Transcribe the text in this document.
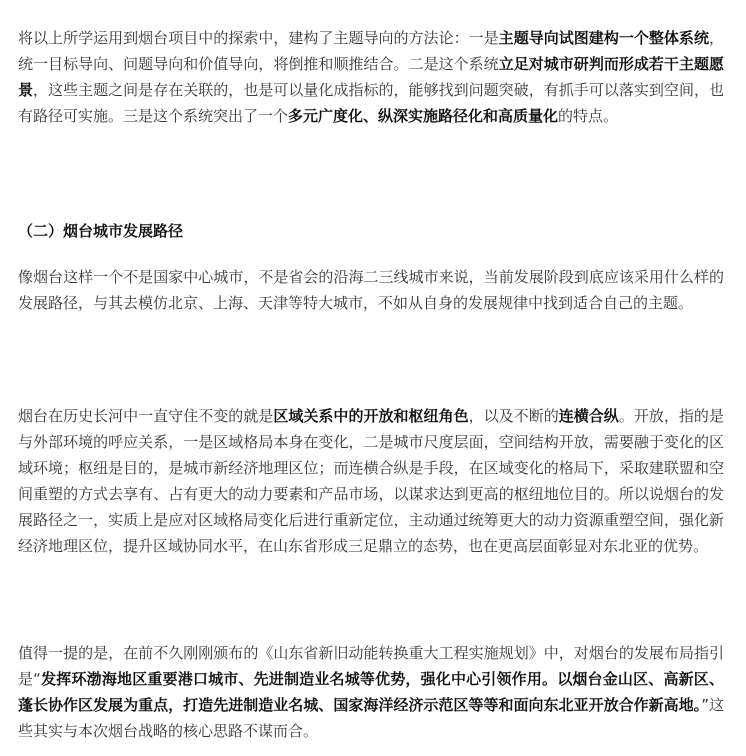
将以上所学运用到烟台项目中的探索中，建构了主题导向的方法论：一是主题导向试图建构一个整体系统，统一目标导向、问题导向和价值导向，将倒推和顺推结合。二是这个系统立足对城市研判而形成若干主题愿景，这些主题之间是存在关联的，也是可以量化成指标的，能够找到问题突破，有抓手可以落实到空间，也有路径可实施。三是这个系统突出了一个多元广度化、纵深实施路径化和高质量化的特点。

（二）烟台城市发展路径

像烟台这样一个不是国家中心城市，不是省会的沿海二三线城市来说，当前发展阶段到底应该采用什么样的发展路径，与其去模仿北京、上海、天津等特大城市，不如从自身的发展规律中找到适合自己的主题。

烟台在历史长河中一直守住不变的就是区域关系中的开放和枢纽角色，以及不断的连横合纵。开放，指的是与外部环境的呼应关系，一是区域格局本身在变化，二是城市尺度层面，空间结构开放，需要融于变化的区域环境；枢纽是目的，是城市新经济地理区位；而连横合纵是手段，在区域变化的格局下，采取建联盟和空间重塑的方式去享有、占有更大的动力要素和产品市场，以谋求达到更高的枢纽地位目的。所以说烟台的发展路径之一，实质上是应对区域格局变化后进行重新定位，主动通过统筹更大的动力资源重塑空间，强化新经济地理区位，提升区域协同水平，在山东省形成三足鼎立的态势，也在更高层面彰显对东北亚的优势。

值得一提的是，在前不久刚刚颁布的《山东省新旧动能转换重大工程实施规划》中，对烟台的发展布局指引是“发挥环渤海地区重要港口城市、先进制造业名城等优势，强化中心引领作用。以烟台金山区、高新区、蓬长协作区发展为重点，打造先进制造业名城、国家海洋经济示范区等等和面向东北亚开放合作新高地。”这些其实与本次烟台战略的核心思路不谋而合。
